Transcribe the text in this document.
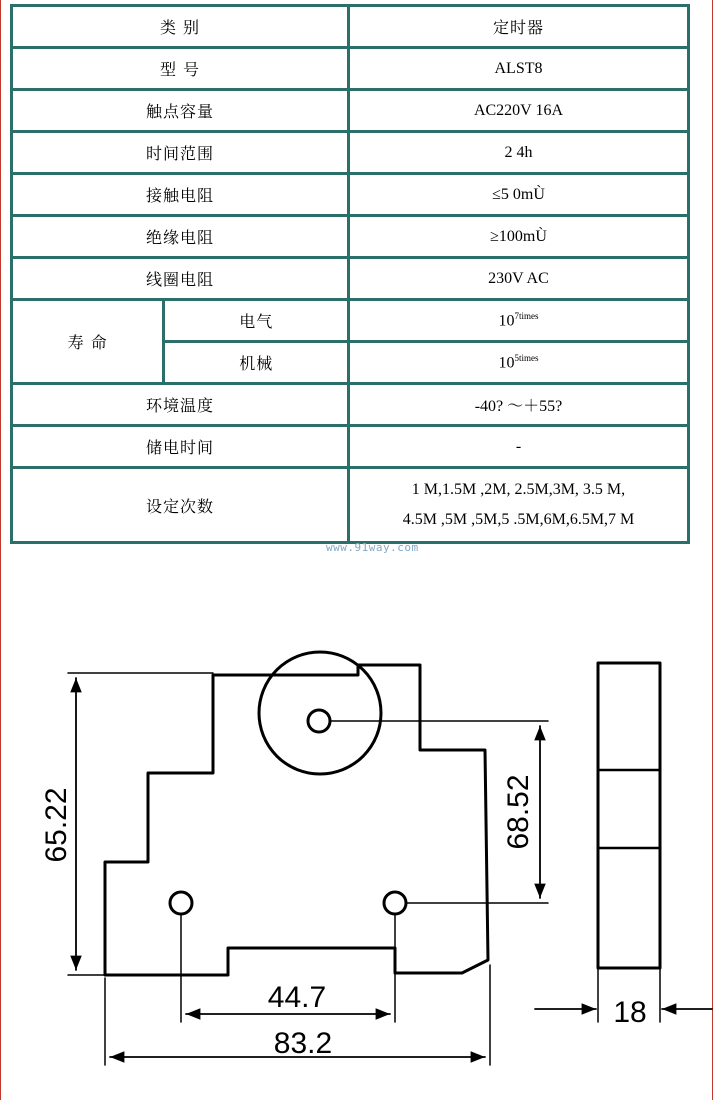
类 别		定时器
型 号		ALST8
触点容量		AC220V 16A
时间范围		2 4h
接触电阻		≤5 0mÙ
绝缘电阻		≥100mÙ
线圈电阻		230V AC
寿 命	电气	$10^{7times}$
	机械	$10^{5times}$
环境温度		-40? ～＋55?
储电时间		-
设定次数		1 M,1.5M ,2M, 2.5M,3M, 3.5 M,
4.5M ,5M ,5M,5 .5M,6M,6.5M,7 M
www.91way.com
65.22	68.52
44.7
83.2
18
